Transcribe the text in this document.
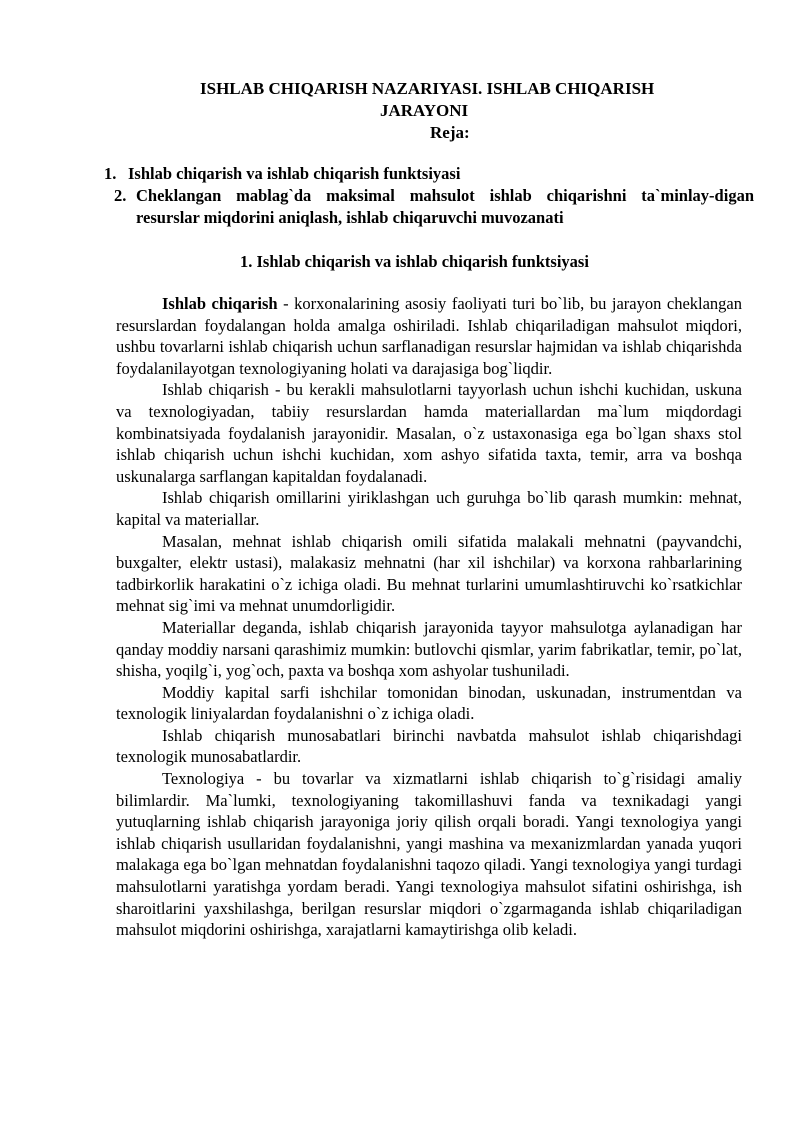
ISHLAB CHIQARISH NAZARIYASI. ISHLAB CHIQARISH
JARAYONI
Reja:
1. Ishlab chiqarish va ishlab chiqarish funktsiyasi
2. Cheklangan mablag`da maksimal mahsulot ishlab chiqarishni ta`minlay-digan resurslar miqdorini aniqlash, ishlab chiqaruvchi muvozanati
1. Ishlab chiqarish va ishlab chiqarish funktsiyasi

Ishlab chiqarish - korxonalarining asosiy faoliyati turi bo`lib, bu jarayon cheklangan resurslardan foydalangan holda amalga oshiriladi. Ishlab chiqariladigan mahsulot miqdori, ushbu tovarlarni ishlab chiqarish uchun sarflanadigan resurslar hajmidan va ishlab chiqarishda foydalanilayotgan texnologiyaning holati va darajasiga bog`liqdir.

Ishlab chiqarish - bu kerakli mahsulotlarni tayyorlash uchun ishchi kuchidan, uskuna va texnologiyadan, tabiiy resurslardan hamda materiallardan ma`lum miqdordagi kombinatsiyada foydalanish jarayonidir. Masalan, o`z ustaxonasiga ega bo`lgan shaxs stol ishlab chiqarish uchun ishchi kuchidan, xom ashyo sifatida taxta, temir, arra va boshqa uskunalarga sarflangan kapitaldan foydalanadi.

Ishlab chiqarish omillarini yiriklashgan uch guruhga bo`lib qarash mumkin: mehnat, kapital va materiallar.

Masalan, mehnat ishlab chiqarish omili sifatida malakali mehnatni (payvandchi, buxgalter, elektr ustasi), malakasiz mehnatni (har xil ishchilar) va korxona rahbarlarining tadbirkorlik harakatini o`z ichiga oladi. Bu mehnat turlarini umumlashtiruvchi ko`rsatkichlar mehnat sig`imi va mehnat unumdorligidir.

Materiallar deganda, ishlab chiqarish jarayonida tayyor mahsulotga aylanadigan har qanday moddiy narsani qarashimiz mumkin: butlovchi qismlar, yarim fabrikatlar, temir, po`lat, shisha, yoqilg`i, yog`och, paxta va boshqa xom ashyolar tushuniladi.

Moddiy kapital sarfi ishchilar tomonidan binodan, uskunadan, instrumentdan va texnologik liniyalardan foydalanishni o`z ichiga oladi.

Ishlab chiqarish munosabatlari birinchi navbatda mahsulot ishlab chiqarishdagi texnologik munosabatlardir.

Texnologiya - bu tovarlar va xizmatlarni ishlab chiqarish to`g`risidagi amaliy bilimlardir. Ma`lumki, texnologiyaning takomillashuvi fanda va texnikadagi yangi yutuqlarning ishlab chiqarish jarayoniga joriy qilish orqali boradi. Yangi texnologiya yangi ishlab chiqarish usullaridan foydalanishni, yangi mashina va mexanizmlardan yanada yuqori malakaga ega bo`lgan mehnatdan foydalanishni taqozo qiladi. Yangi texnologiya yangi turdagi mahsulotlarni yaratishga yordam beradi. Yangi texnologiya mahsulot sifatini oshirishga, ish sharoitlarini yaxshilashga, berilgan resurslar miqdori o`zgarmaganda ishlab chiqariladigan mahsulot miqdorini oshirishga, xarajatlarni kamaytirishga olib keladi.
